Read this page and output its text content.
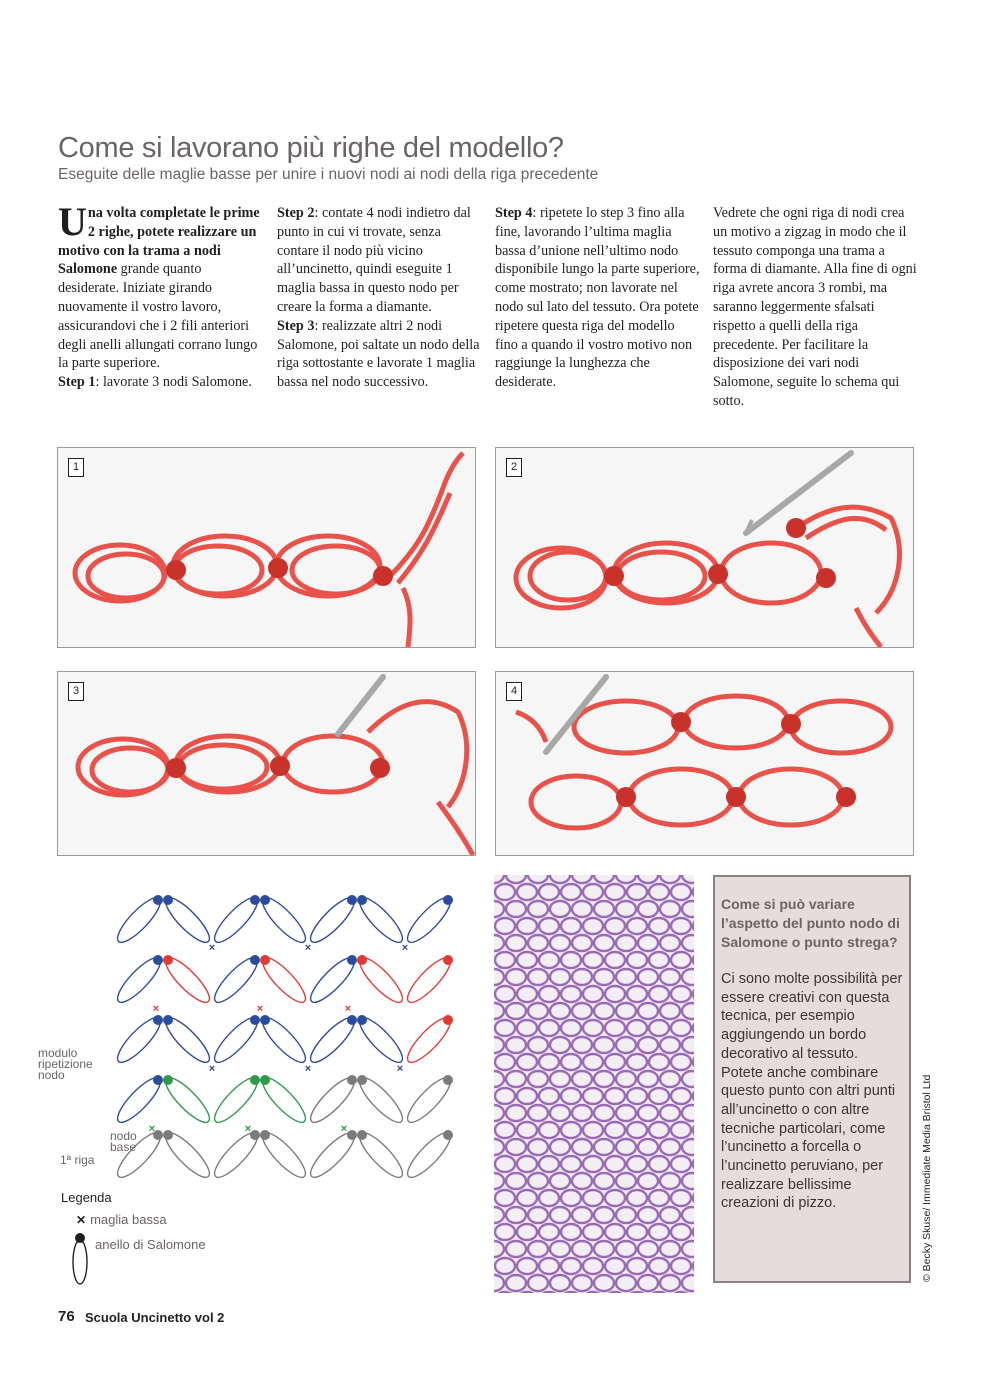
Come si lavorano più righe del modello?
Eseguite delle maglie basse per unire i nuovi nodi ai nodi della riga precedente

Una volta completate le prime 2 righe, potete realizzare un motivo con la trama a nodi Salomone grande quanto desiderate. Iniziate girando nuovamente il vostro lavoro, assicurandovi che i 2 fili anteriori degli anelli allungati corrano lungo la parte superiore.

Step 1: lavorate 3 nodi Salomone.

Step 2: contate 4 nodi indietro dal punto in cui vi trovate, senza contare il nodo più vicino all’uncinetto, quindi eseguite 1 maglia bassa in questo nodo per creare la forma a diamante.

Step 3: realizzate altri 2 nodi Salomone, poi saltate un nodo della riga sottostante e lavorate 1 maglia bassa nel nodo successivo.

Step 4: ripetete lo step 3 fino alla fine, lavorando l’ultima maglia bassa d’unione nell’ultimo nodo disponibile lungo la parte superiore, come mostrato; non lavorate nel nodo sul lato del tessuto. Ora potete ripetere questa riga del modello fino a quando il vostro motivo non raggiunge la lunghezza che desiderate.

Vedrete che ogni riga di nodi crea un motivo a zigzag in modo che il tessuto componga una trama a forma di diamante. Alla fine di ogni riga avrete ancora 3 rombi, ma saranno leggermente sfalsati rispetto a quelli della riga precedente. Per facilitare la disposizione dei vari nodi Salomone, seguite lo schema qui sotto.

1	2
3	4
×	×	×
×	×	×
×	×	×
×	×	×
modulo
ripetizione
nodo
nodo
base
1ª riga
Legenda
✕ maglia bassa
anello di Salomone

Come si può variare l’aspetto del punto nodo di Salomone o punto strega?

Ci sono molte possibilità per essere creativi con questa tecnica, per esempio aggiungendo un bordo decorativo al tessuto. Potete anche combinare questo punto con altri punti all’uncinetto o con altre tecniche particolari, come l’uncinetto a forcella o l’uncinetto peruviano, per realizzare bellissime creazioni di pizzo.	© Becky Skuse/ Immediate Media Bristol Ltd
76 Scuola Uncinetto vol 2
